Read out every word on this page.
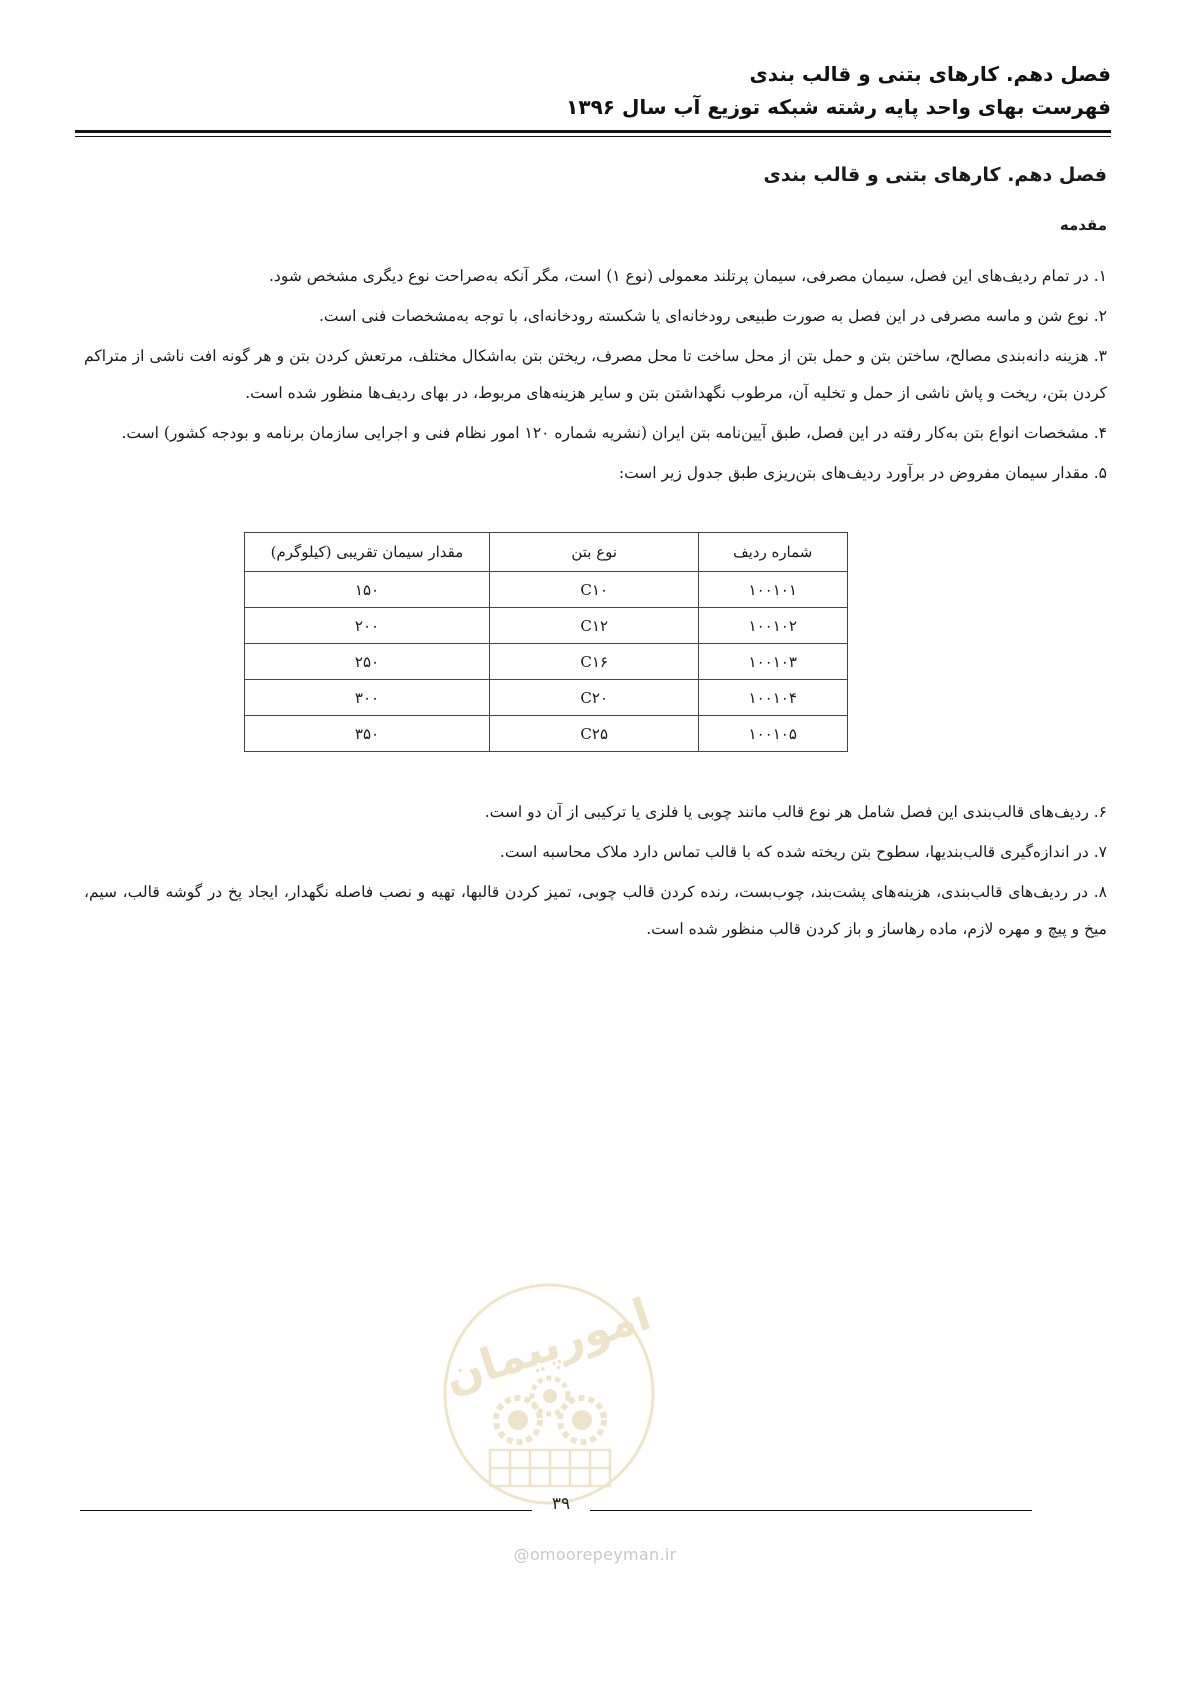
فصل دهم. کارهای بتنی و قالب بندی
فهرست بهای واحد پایه رشته شبکه توزیع آب سال ۱۳۹۶
فصل دهم. کارهای بتنی و قالب بندی
مقدمه

۱. در تمام ردیف‌های این فصل، سیمان مصرفی، سیمان پرتلند معمولی (نوع ۱) است، مگر آنکه به‌صراحت نوع دیگری مشخص شود.

۲. نوع شن و ماسه مصرفی در این فصل به صورت طبیعی رودخانه‌ای یا شکسته رودخانه‌ای، با توجه به‌مشخصات فنی است.

۳. هزینه دانه‌بندی مصالح، ساختن بتن و حمل بتن از محل ساخت تا محل مصرف، ریختن بتن به‌اشکال مختلف، مرتعش کردن بتن و هر گونه افت ناشی از متراکم کردن بتن، ریخت و پاش ناشی از حمل و تخلیه آن، مرطوب نگهداشتن بتن و سایر هزینه‌های مربوط، در بهای ردیف‌ها منظور شده است.

۴. مشخصات انواع بتن به‌کار رفته در این فصل، طبق آیین‌نامه بتن ایران (نشریه شماره ۱۲۰ امور نظام فنی و اجرایی سازمان برنامه و بودجه کشور) است.

۵. مقدار سیمان مفروض در برآورد ردیف‌های بتن‌ریزی طبق جدول زیر است:

شماره ردیف	نوع بتن	مقدار سیمان تقریبی (کیلوگرم)
۱۰۰۱۰۱	C۱۰	۱۵۰
۱۰۰۱۰۲	C۱۲	۲۰۰
۱۰۰۱۰۳	C۱۶	۲۵۰
۱۰۰۱۰۴	C۲۰	۳۰۰
۱۰۰۱۰۵	C۲۵	۳۵۰

۶. ردیف‌های قالب‌بندی این فصل شامل هر نوع قالب مانند چوبی یا فلزی یا ترکیبی از آن دو است.

۷. در اندازه‌گیری قالب‌بندیها، سطوح بتن ریخته شده که با قالب تماس دارد ملاک محاسبه است.

۸. در ردیف‌های قالب‌بندی، هزینه‌های پشت‌بند، چوب‌بست، رنده کردن قالب چوبی، تمیز کردن قالبها، تهیه و نصب فاصله نگهدار، ایجاد پخ در گوشه قالب، سیم، میخ و پیچ و مهره لازم، ماده رهاساز و باز کردن قالب منظور شده است.

امورپیمان
۳۹
@omoorepeyman.ir
